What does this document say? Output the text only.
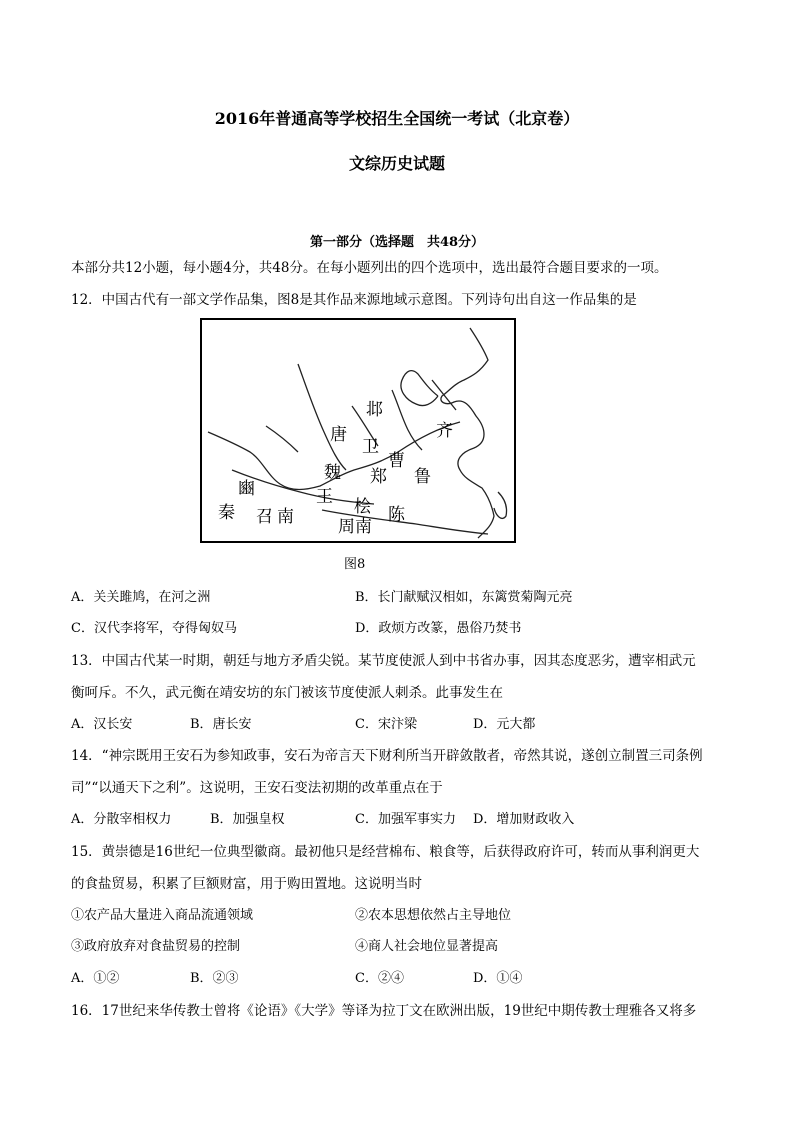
2016年普通高等学校招生全国统一考试（北京卷）
文综历史试题
第一部分（选择题　共48分）
本部分共12小题，每小题4分，共48分。在每小题列出的四个选项中，选出最符合题目要求的一项。
12．中国古代有一部文学作品集，图8是其作品来源地域示意图。下列诗句出自这一作品集的是
邶
唐
卫
曹
齐
魏 郑 鲁
豳	王 桧
秦 召南 周南
陈
图8
A．关关雎鸠，在河之洲	B．长门献赋汉相如，东篱赏菊陶元亮
C．汉代李将军，夺得匈奴马	D．政烦方改篆，愚俗乃焚书
13．中国古代某一时期，朝廷与地方矛盾尖锐。某节度使派人到中书省办事，因其态度恶劣，遭宰相武元
衡呵斥。不久，武元衡在靖安坊的东门被该节度使派人刺杀。此事发生在
A．汉长安	B．唐长安	C．宋汴梁	D．元大都
14．“神宗既用王安石为参知政事，安石为帝言天下财利所当开辟敛散者，帝然其说，遂创立制置三司条例
司”“以通天下之利”。这说明，王安石变法初期的改革重点在于
A．分散宰相权力	B．加强皇权	C．加强军事实力 D．增加财政收入
15．黄崇德是16世纪一位典型徽商。最初他只是经营棉布、粮食等，后获得政府许可，转而从事利润更大
的食盐贸易，积累了巨额财富，用于购田置地。这说明当时
①农产品大量进入商品流通领域	②农本思想依然占主导地位
③政府放弃对食盐贸易的控制	④商人社会地位显著提高
A．①②	B．②③	C．②④	D．①④
16．17世纪来华传教士曾将《论语》《大学》等译为拉丁文在欧洲出版，19世纪中期传教士理雅各又将多
